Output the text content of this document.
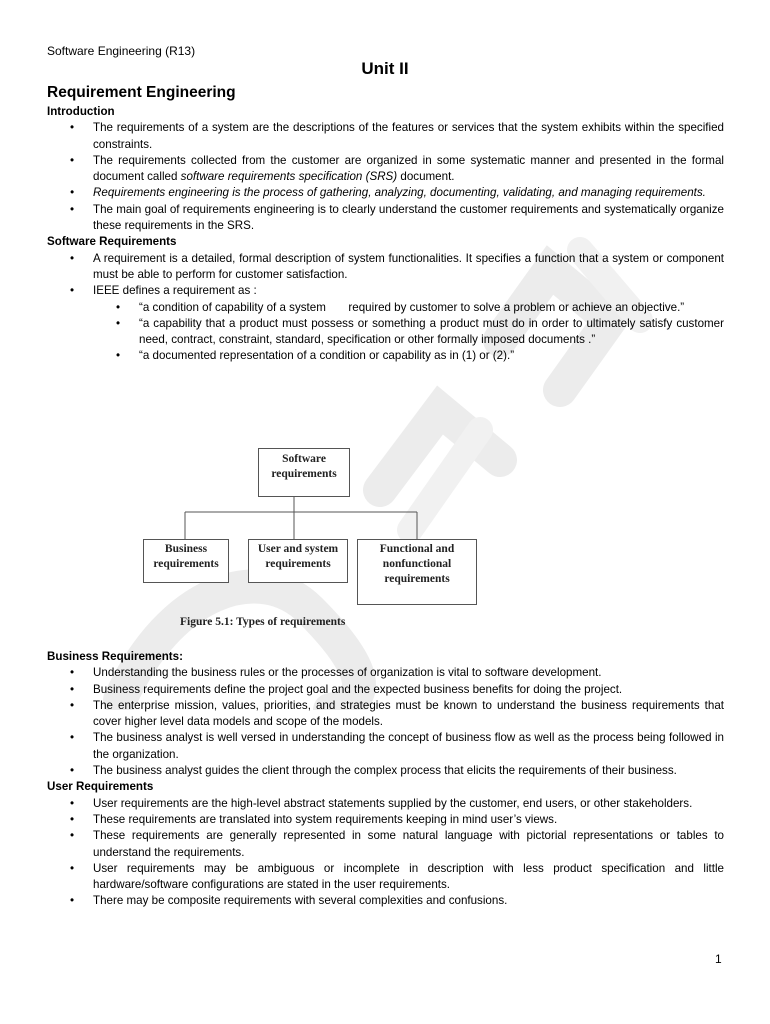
Software Engineering (R13)
Unit II
Requirement Engineering
Introduction
• The requirements of a system are the descriptions of the features or services that the system exhibits within the specified constraints.
• The requirements collected from the customer are organized in some systematic manner and presented in the formal document called software requirements specification (SRS) document.
• Requirements engineering is the process of gathering, analyzing, documenting, validating, and managing requirements.
• The main goal of requirements engineering is to clearly understand the customer requirements and systematically organize these requirements in the SRS.
Software Requirements
• A requirement is a detailed, formal description of system functionalities. It specifies a function that a system or component must be able to perform for customer satisfaction.
• IEEE defines a requirement as :
• “a condition of capability of a system       required by customer to solve a problem or achieve an objective.”
• “a capability that a product must possess or something a product must do in order to ultimately satisfy customer need, contract, constraint, standard, specification or other formally imposed documents .”
• “a documented representation of a condition or capability as in (1) or (2).”
Software
requirements
Business
requirements
User and system
requirements
Functional and
nonfunctional
requirements
Figure 5.1: Types of requirements
Business Requirements:
• Understanding the business rules or the processes of organization is vital to software development.
• Business requirements define the project goal and the expected business benefits for doing the project.
• The enterprise mission, values, priorities, and strategies must be known to understand the business requirements that cover higher level data models and scope of the models.
• The business analyst is well versed in understanding the concept of business flow as well as the process being followed in the organization.
• The business analyst guides the client through the complex process that elicits the requirements of their business.
User Requirements
• User requirements are the high-level abstract statements supplied by the customer, end users, or other stakeholders.
• These requirements are translated into system requirements keeping in mind user’s views.
• These requirements are generally represented in some natural language with pictorial representations or tables to understand the requirements.
• User requirements may be ambiguous or incomplete in description with less product specification and little hardware/software configurations are stated in the user requirements.
• There may be composite requirements with several complexities and confusions.
1
